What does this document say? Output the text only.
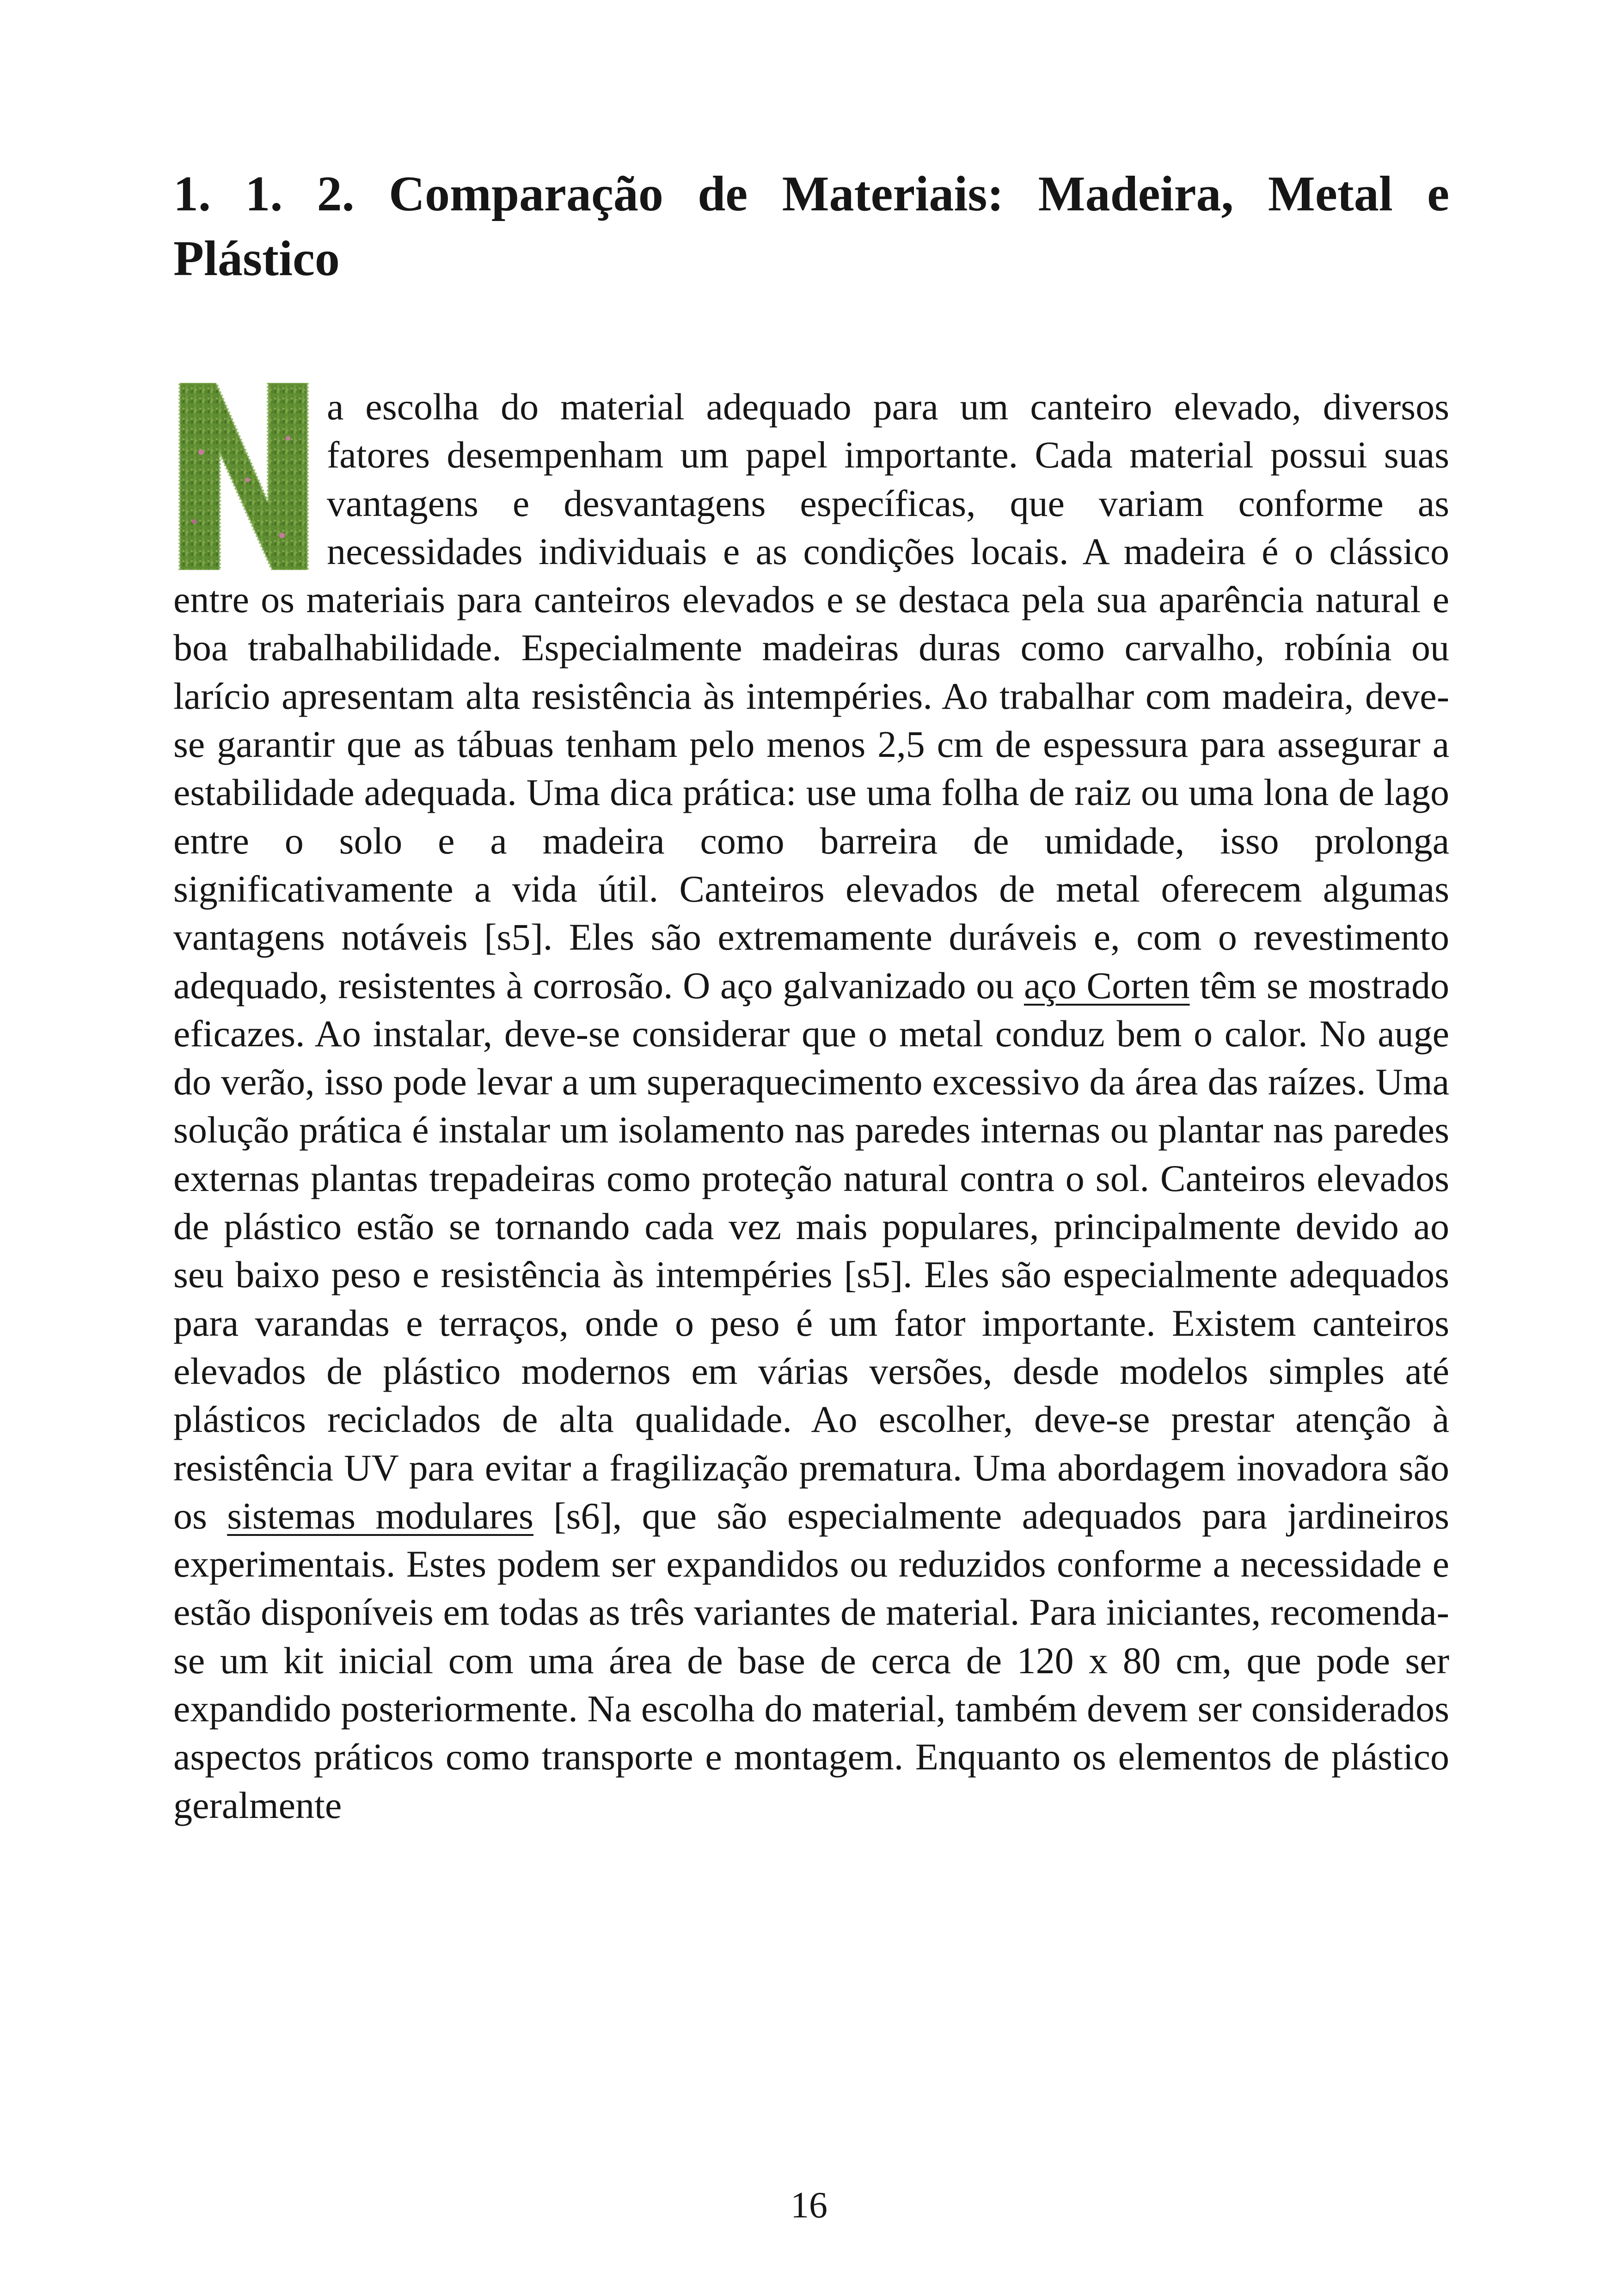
1. 1. 2. Comparação de Materiais: Madeira, Metal e Plástico

a escolha do material adequado para um canteiro elevado, diversos fatores desempenham um papel importante. Cada material possui suas vantagens e desvantagens específicas, que variam conforme as necessidades individuais e as condições locais. A madeira é o clássico entre os materiais para canteiros elevados e se destaca pela sua aparência natural e boa trabalhabilidade. Especialmente madeiras duras como carvalho, robínia ou larício apresentam alta resistência às intempéries. Ao trabalhar com madeira, deve-se garantir que as tábuas tenham pelo menos 2,5 cm de espessura para assegurar a estabilidade adequada. Uma dica prática: use uma folha de raiz ou uma lona de lago entre o solo e a madeira como barreira de umidade, isso prolonga significativamente a vida útil. Canteiros elevados de metal oferecem algumas vantagens notáveis [s5]. Eles são extremamente duráveis e, com o revestimento adequado, resistentes à corrosão. O aço galvanizado ou aço Corten têm se mostrado eficazes. Ao instalar, deve-se considerar que o metal conduz bem o calor. No auge do verão, isso pode levar a um superaquecimento excessivo da área das raízes. Uma solução prática é instalar um isolamento nas paredes internas ou plantar nas paredes externas plantas trepadeiras como proteção natural contra o sol. Canteiros elevados de plástico estão se tornando cada vez mais populares, principalmente devido ao seu baixo peso e resistência às intempéries [s5]. Eles são especialmente adequados para varandas e terraços, onde o peso é um fator importante. Existem canteiros elevados de plástico modernos em várias versões, desde modelos simples até plásticos reciclados de alta qualidade. Ao escolher, deve-se prestar atenção à resistência UV para evitar a fragilização prematura. Uma abordagem inovadora são os sistemas modulares [s6], que são especialmente adequados para jardineiros experimentais. Estes podem ser expandidos ou reduzidos conforme a necessidade e estão disponíveis em todas as três variantes de material. Para iniciantes, recomenda-se um kit inicial com uma área de base de cerca de 120 x 80 cm, que pode ser expandido posteriormente. Na escolha do material, também devem ser considerados aspectos práticos como transporte e montagem. Enquanto os elementos de plástico geralmente

16
